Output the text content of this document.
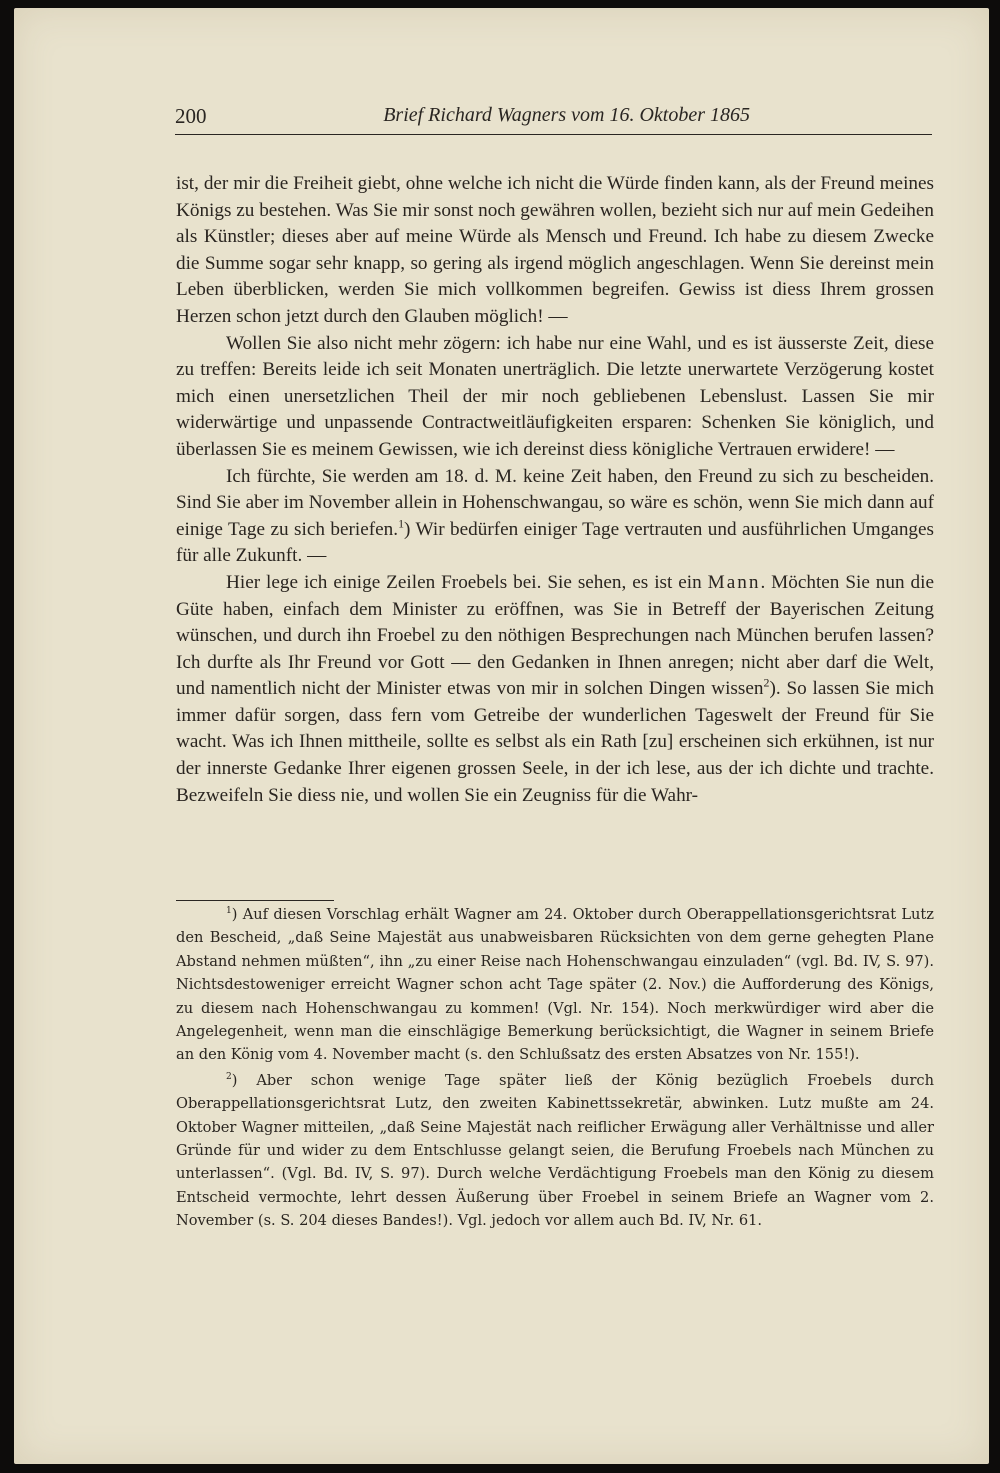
200	Brief Richard Wagners vom 16. Oktober 1865

ist, der mir die Freiheit giebt, ohne welche ich nicht die Würde finden kann, als der Freund meines Königs zu bestehen. Was Sie mir sonst noch gewähren wollen, bezieht sich nur auf mein Gedeihen als Künstler; dieses aber auf meine Würde als Mensch und Freund. Ich habe zu diesem Zwecke die Summe sogar sehr knapp, so gering als irgend möglich angeschlagen. Wenn Sie dereinst mein Leben überblicken, werden Sie mich vollkommen begreifen. Gewiss ist diess Ihrem grossen Herzen schon jetzt durch den Glauben möglich! —

Wollen Sie also nicht mehr zögern: ich habe nur eine Wahl, und es ist äusserste Zeit, diese zu treffen: Bereits leide ich seit Monaten unerträglich. Die letzte unerwartete Verzögerung kostet mich einen unersetzlichen Theil der mir noch gebliebenen Lebenslust. Lassen Sie mir widerwärtige und unpassende Contractweitläufigkeiten ersparen: Schenken Sie königlich, und überlassen Sie es meinem Gewissen, wie ich dereinst diess königliche Vertrauen erwidere! —

Ich fürchte, Sie werden am 18. d. M. keine Zeit haben, den Freund zu sich zu bescheiden. Sind Sie aber im November allein in Hohenschwangau, so wäre es schön, wenn Sie mich dann auf einige Tage zu sich beriefen.$^1$) Wir bedürfen einiger Tage vertrauten und ausführlichen Umganges für alle Zukunft. —

Hier lege ich einige Zeilen Froebels bei. Sie sehen, es ist ein Mann. Möchten Sie nun die Güte haben, einfach dem Minister zu eröffnen, was Sie in Betreff der Bayerischen Zeitung wünschen, und durch ihn Froebel zu den nöthigen Besprechungen nach München berufen lassen? Ich durfte als Ihr Freund vor Gott — den Gedanken in Ihnen anregen; nicht aber darf die Welt, und namentlich nicht der Minister etwas von mir in solchen Dingen wissen$^2$). So lassen Sie mich immer dafür sorgen, dass fern vom Getreibe der wunderlichen Tageswelt der Freund für Sie wacht. Was ich Ihnen mittheile, sollte es selbst als ein Rath [zu] erscheinen sich erkühnen, ist nur der innerste Gedanke Ihrer eigenen grossen Seele, in der ich lese, aus der ich dichte und trachte. Bezweifeln Sie diess nie, und wollen Sie ein Zeugniss für die Wahr-

$^1$) Auf diesen Vorschlag erhält Wagner am 24. Oktober durch Oberappellationsgerichtsrat Lutz den Bescheid, „daß Seine Majestät aus unabweisbaren Rücksichten von dem gerne gehegten Plane Abstand nehmen müßten“, ihn „zu einer Reise nach Hohenschwangau einzuladen“ (vgl. Bd. IV, S. 97). Nichtsdestoweniger erreicht Wagner schon acht Tage später (2. Nov.) die Aufforderung des Königs, zu diesem nach Hohenschwangau zu kommen! (Vgl. Nr. 154). Noch merkwürdiger wird aber die Angelegenheit, wenn man die einschlägige Bemerkung berücksichtigt, die Wagner in seinem Briefe an den König vom 4. November macht (s. den Schlußsatz des ersten Absatzes von Nr. 155!).

$^2$) Aber schon wenige Tage später ließ der König bezüglich Froebels durch Oberappellationsgerichtsrat Lutz, den zweiten Kabinettssekretär, abwinken. Lutz mußte am 24. Oktober Wagner mitteilen, „daß Seine Majestät nach reiflicher Erwägung aller Verhältnisse und aller Gründe für und wider zu dem Entschlusse gelangt seien, die Berufung Froebels nach München zu unterlassen“. (Vgl. Bd. IV, S. 97). Durch welche Verdächtigung Froebels man den König zu diesem Entscheid vermochte, lehrt dessen Äußerung über Froebel in seinem Briefe an Wagner vom 2. November (s. S. 204 dieses Bandes!). Vgl. jedoch vor allem auch Bd. IV, Nr. 61.
